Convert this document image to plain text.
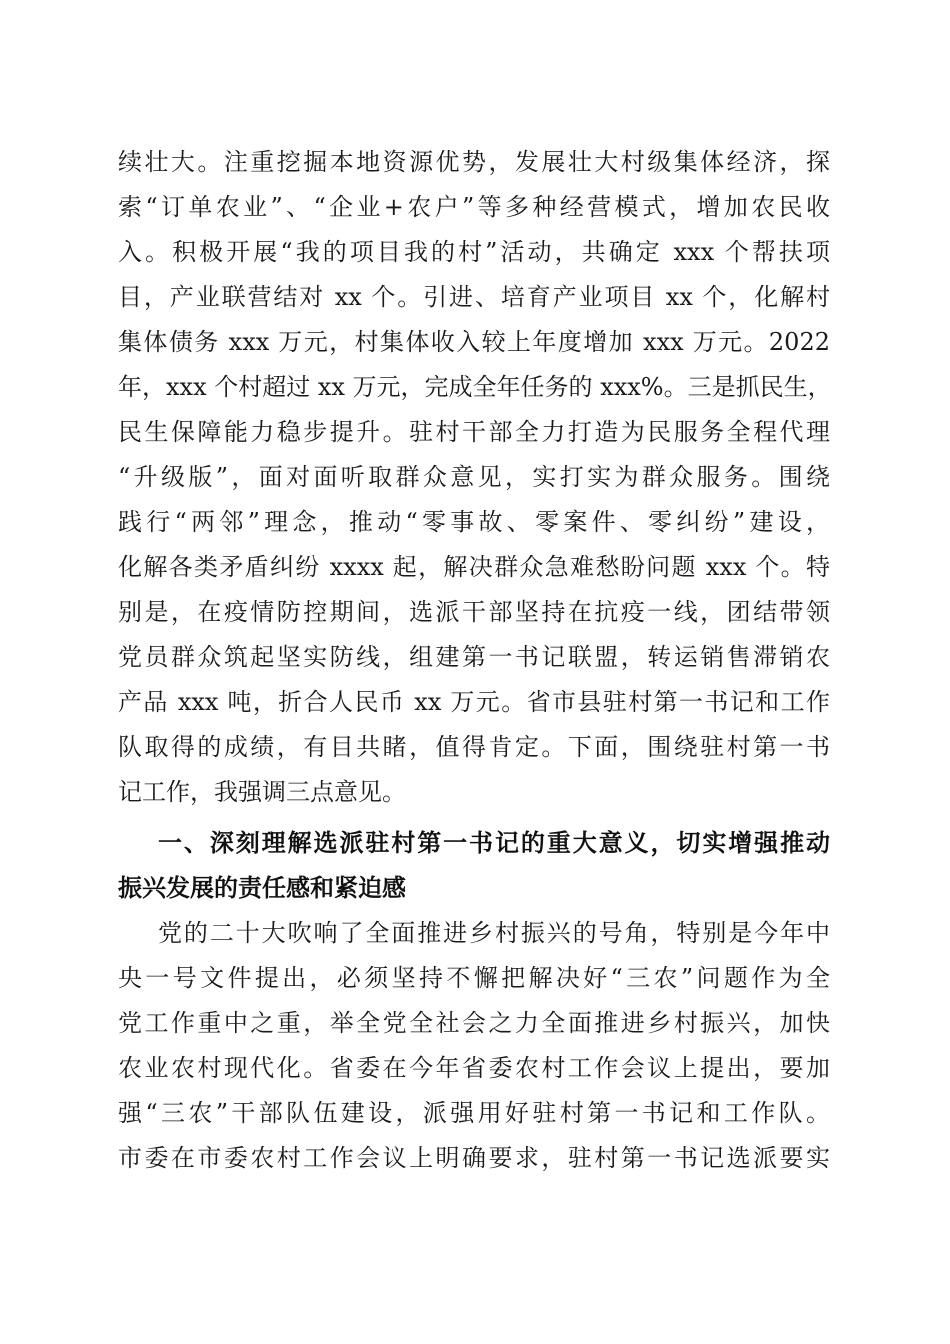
续壮大。注重挖掘本地资源优势，发展壮大村级集体经济，探
索“订单农业”、“企业+农户”等多种经营模式，增加农民收
入。积极开展“我的项目我的村”活动，共确定 xxx 个帮扶项
目，产业联营结对 xx 个。引进、培育产业项目 xx 个，化解村
集体债务 xxx 万元，村集体收入较上年度增加 xxx 万元。2022
年，xxx 个村超过 xx 万元，完成全年任务的 xxx%。三是抓民生，
民生保障能力稳步提升。驻村干部全力打造为民服务全程代理
“升级版”，面对面听取群众意见，实打实为群众服务。围绕
践行“两邻”理念，推动“零事故、零案件、零纠纷”建设，
化解各类矛盾纠纷 xxxx 起，解决群众急难愁盼问题 xxx 个。特
别是，在疫情防控期间，选派干部坚持在抗疫一线，团结带领
党员群众筑起坚实防线，组建第一书记联盟，转运销售滞销农
产品 xxx 吨，折合人民币 xx 万元。省市县驻村第一书记和工作
队取得的成绩，有目共睹，值得肯定。下面，围绕驻村第一书
记工作，我强调三点意见。
一、深刻理解选派驻村第一书记的重大意义，切实增强推动
振兴发展的责任感和紧迫感
党的二十大吹响了全面推进乡村振兴的号角，特别是今年中
央一号文件提出，必须坚持不懈把解决好“三农”问题作为全
党工作重中之重，举全党全社会之力全面推进乡村振兴，加快
农业农村现代化。省委在今年省委农村工作会议上提出，要加
强“三农”干部队伍建设，派强用好驻村第一书记和工作队。
市委在市委农村工作会议上明确要求，驻村第一书记选派要实
